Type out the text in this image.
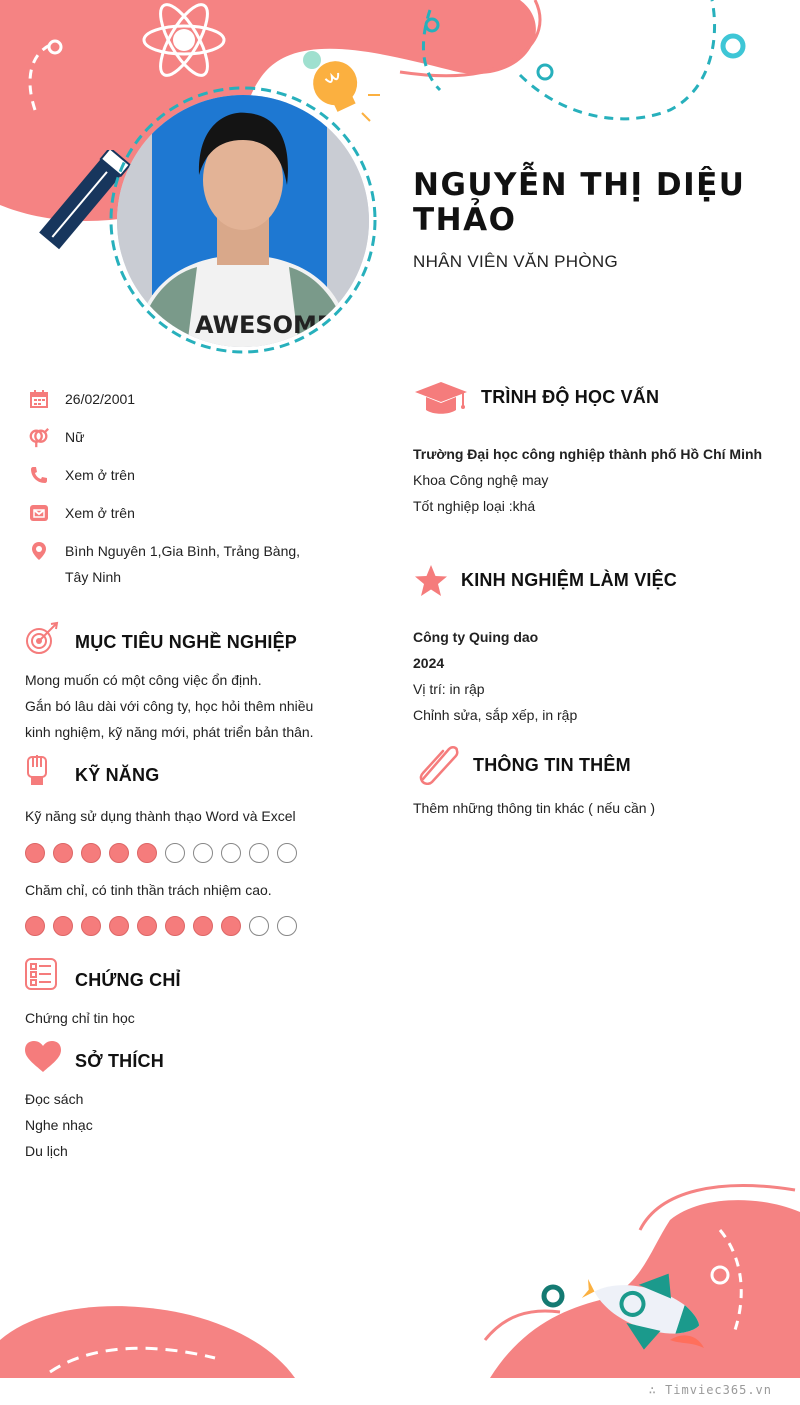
AWESOME
NGUYỄN THỊ DIỆU THẢO
NHÂN VIÊN VĂN PHÒNG
26/02/2001
Nữ
Xem ở trên
Xem ở trên
Bình Nguyên 1,Gia Bình, Trảng Bàng, Tây Ninh
MỤC TIÊU NGHỀ NGHIỆP
Mong muốn có một công việc ổn định.
Gắn bó lâu dài với công ty, học hỏi thêm nhiều kinh nghiệm, kỹ năng mới, phát triển bản thân.
KỸ NĂNG
Kỹ năng sử dụng thành thạo Word và Excel
Chăm chỉ, có tinh thần trách nhiệm cao.
CHỨNG CHỈ
Chứng chỉ tin học
SỞ THÍCH
Đọc sách
Nghe nhạc
Du lịch
TRÌNH ĐỘ HỌC VẤN
Trường Đại học công nghiệp thành phố Hồ Chí Minh
Khoa Công nghệ may
Tốt nghiệp loại :khá
KINH NGHIỆM LÀM VIỆC
Công ty Quing dao
2024
Vị trí: in rập
Chỉnh sửa, sắp xếp, in rập
THÔNG TIN THÊM
Thêm những thông tin khác ( nếu cần )
∴ Timviec365.vn
